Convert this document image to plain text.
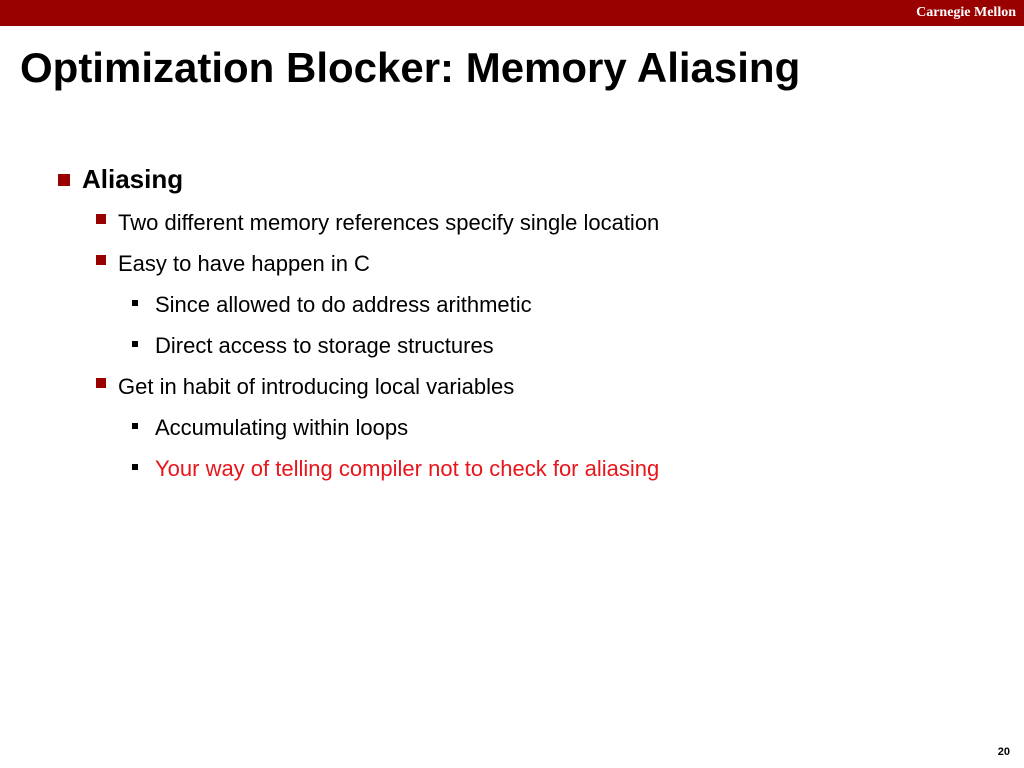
Carnegie Mellon
Optimization Blocker: Memory Aliasing
Aliasing
Two different memory references specify single location
Easy to have happen in C
Since allowed to do address arithmetic
Direct access to storage structures
Get in habit of introducing local variables
Accumulating within loops
Your way of telling compiler not to check for aliasing
20
